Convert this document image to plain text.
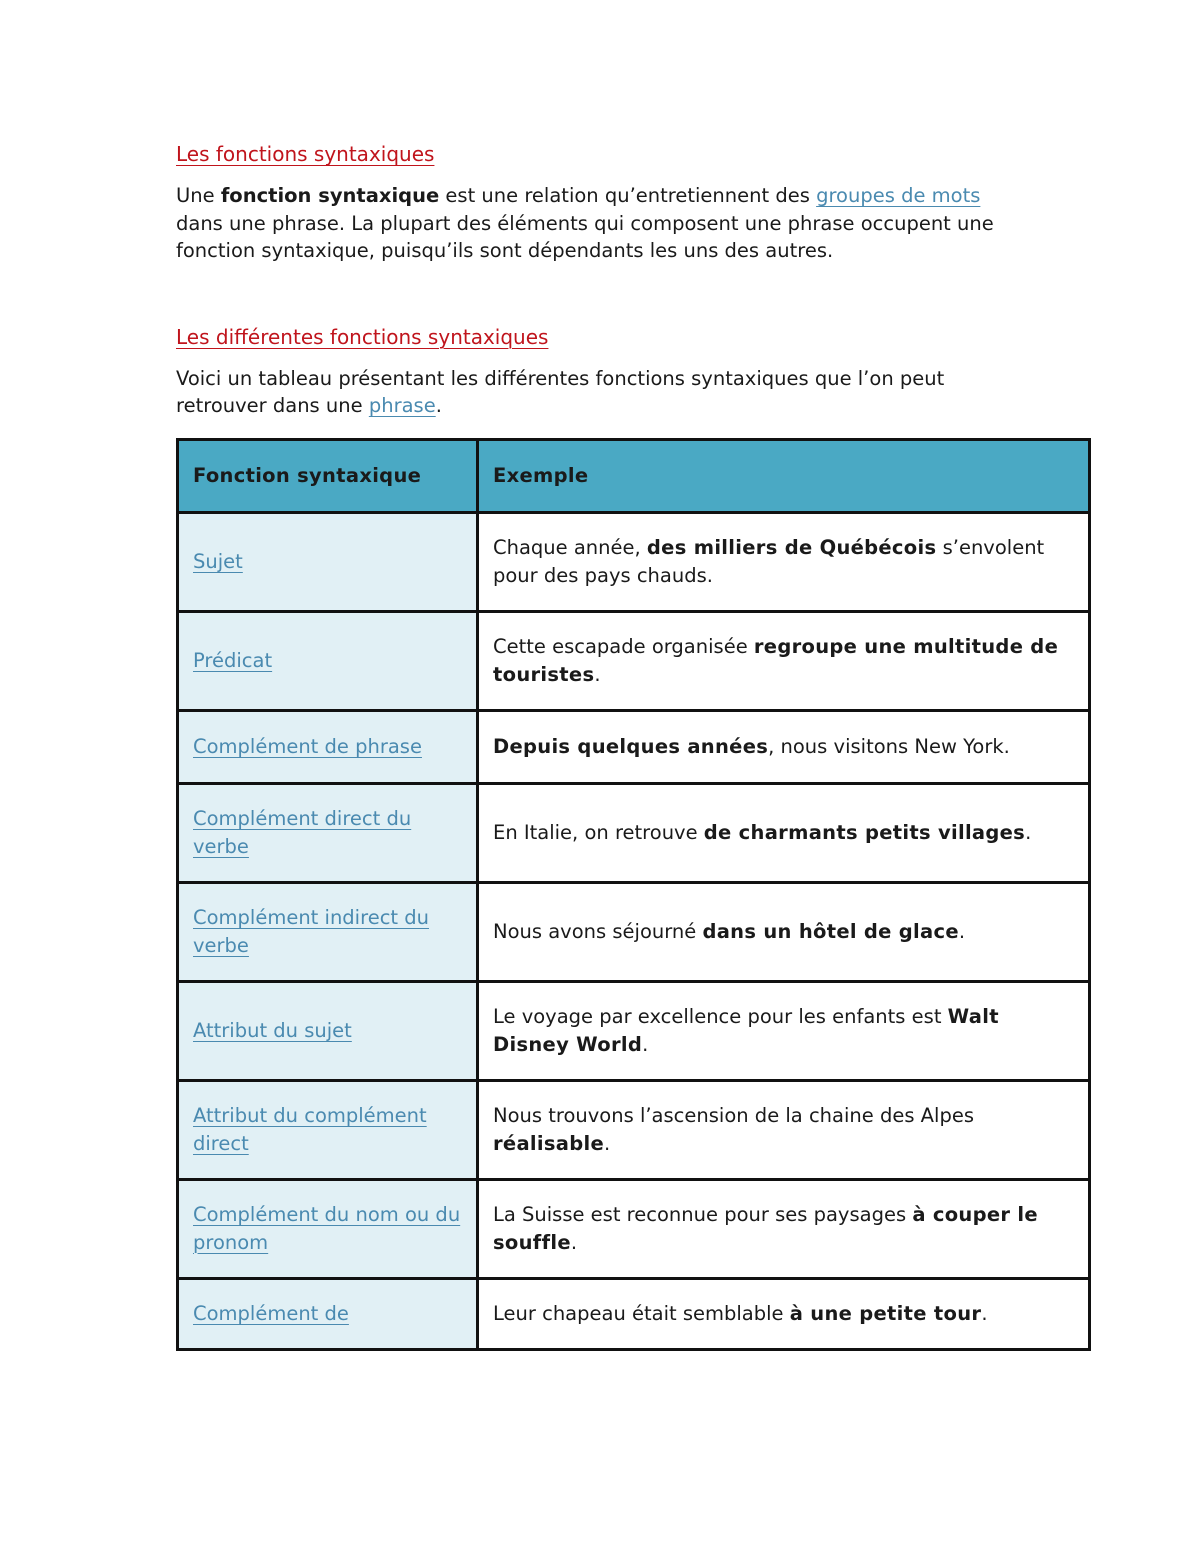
Les fonctions syntaxiques

Une fonction syntaxique est une relation qu’entretiennent des groupes de mots dans une phrase. La plupart des éléments qui composent une phrase occupent une fonction syntaxique, puisqu’ils sont dépendants les uns des autres.

Les différentes fonctions syntaxiques

Voici un tableau présentant les différentes fonctions syntaxiques que l’on peut retrouver dans une phrase.

Fonction syntaxique	Exemple
Sujet	Chaque année, des milliers de Québécois s’envolent pour des pays chauds.
Prédicat	Cette escapade organisée regroupe une multitude de touristes.
Complément de phrase	Depuis quelques années, nous visitons New York.
Complément direct du verbe	En Italie, on retrouve de charmants petits villages.
Complément indirect du verbe	Nous avons séjourné dans un hôtel de glace.
Attribut du sujet	Le voyage par excellence pour les enfants est Walt Disney World.
Attribut du complément direct	Nous trouvons l’ascension de la chaine des Alpes réalisable.
Complément du nom ou du pronom	La Suisse est reconnue pour ses paysages à couper le souffle.
Complément de	Leur chapeau était semblable à une petite tour.
